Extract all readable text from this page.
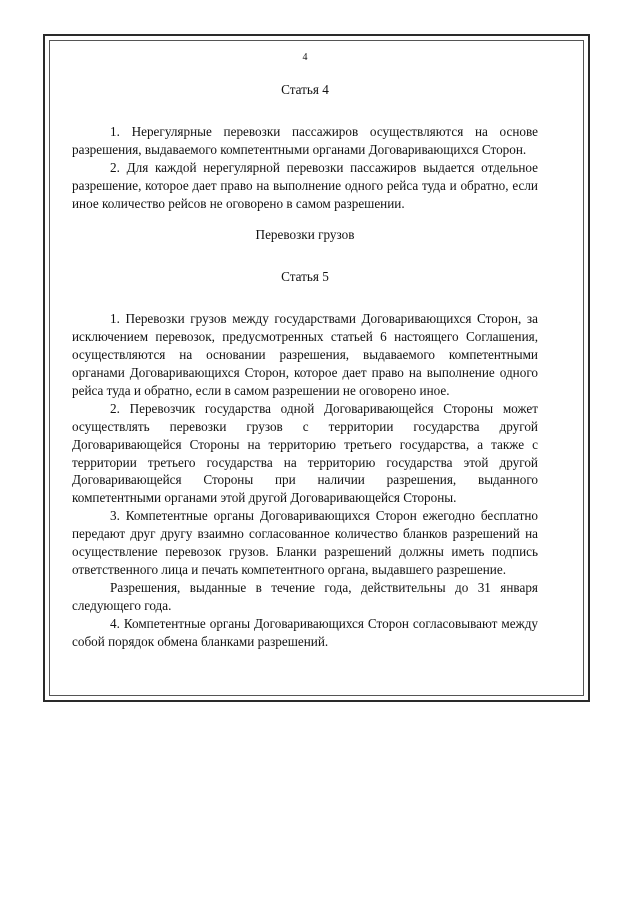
4

Статья 4

1. Нерегулярные перевозки пассажиров осуществляются на основе разрешения, выдаваемого компетентными органами Договаривающихся Сторон.

2. Для каждой нерегулярной перевозки пассажиров выдается отдельное разрешение, которое дает право на выполнение одного рейса туда и обратно, если иное количество рейсов не оговорено в самом разрешении.

Перевозки грузов

Статья 5

1. Перевозки грузов между государствами Договаривающихся Сторон, за исключением перевозок, предусмотренных статьей 6 настоящего Соглашения, осуществляются на основании разрешения, выдаваемого компетентными органами Договаривающихся Сторон, которое дает право на выполнение одного рейса туда и обратно, если в самом разрешении не оговорено иное.

2. Перевозчик государства одной Договаривающейся Стороны может осуществлять перевозки грузов с территории государства другой Договаривающейся Стороны на территорию третьего государства, а также с территории третьего государства на территорию государства этой другой Договаривающейся Стороны при наличии разрешения, выданного компетентными органами этой другой Договаривающейся Стороны.

3. Компетентные органы Договаривающихся Сторон ежегодно бесплатно передают друг другу взаимно согласованное количество бланков разрешений на осуществление перевозок грузов. Бланки разрешений должны иметь подпись ответственного лица и печать компетентного органа, выдавшего разрешение.

Разрешения, выданные в течение года, действительны до 31 января следующего года.

4. Компетентные органы Договаривающихся Сторон согласовывают между собой порядок обмена бланками разрешений.
